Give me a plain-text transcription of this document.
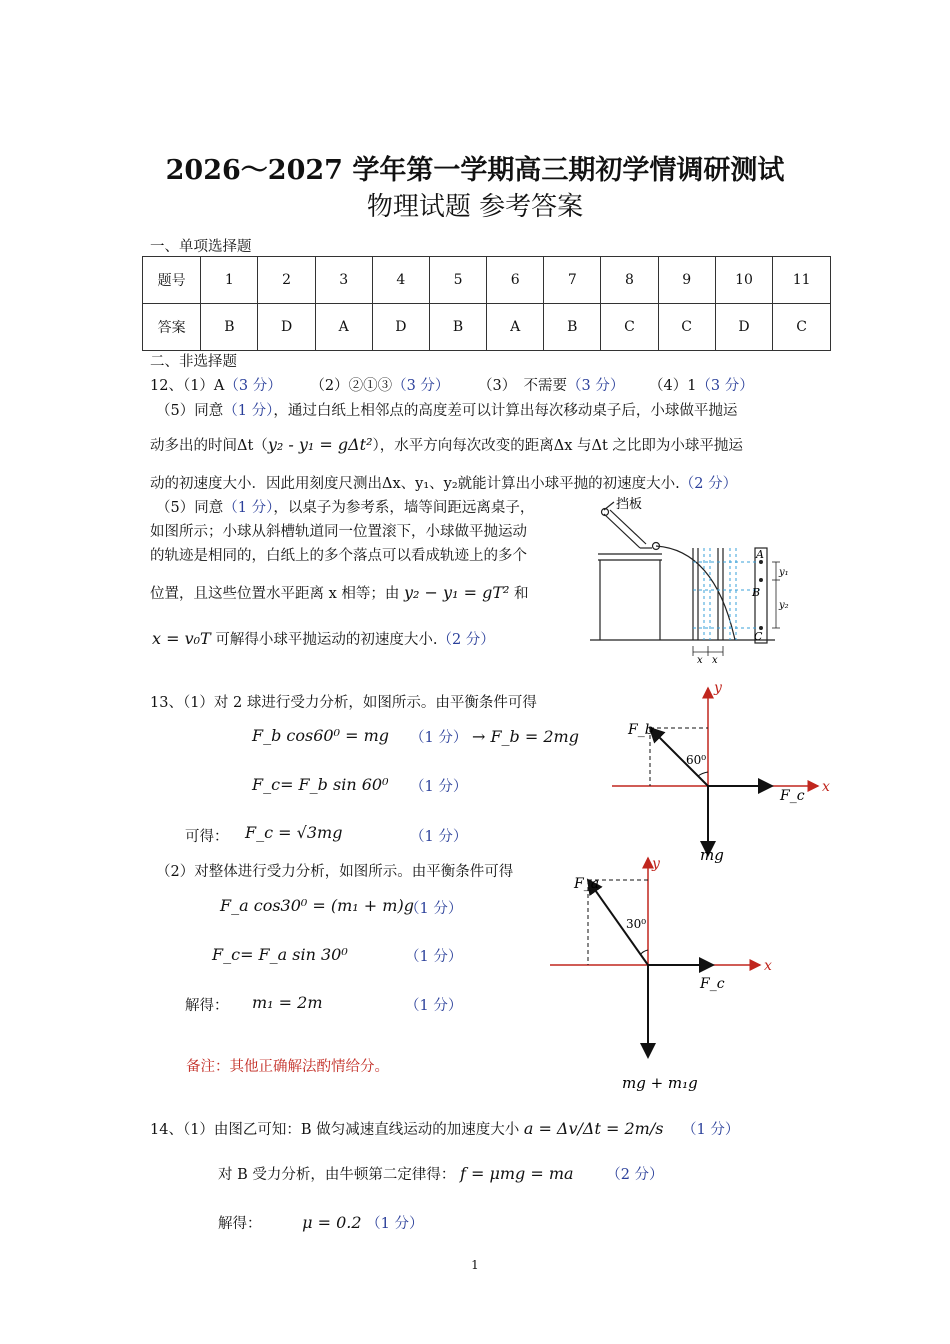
2026～2027 学年第一学期高三期初学情调研测试
物理试题 参考答案
一、单项选择题
题号	1	2	3	4	5	6	7	8	9	10	11
答案	B	D	A	D	B	A	B	C	C	D	C
二、非选择题
12、（1）A（3 分） （2）②①③（3 分） （3）　不需要（3 分） （4）1（3 分）
（5）同意（1 分），通过白纸上相邻点的高度差可以计算出每次移动桌子后，小球做平抛运
动多出的时间Δt（y₂ - y₁ = gΔt²），水平方向每次改变的距离Δx 与Δt 之比即为小球平抛运
动的初速度大小．因此用刻度尺测出Δx、y₁、y₂就能计算出小球平抛的初速度大小.（2 分）
（5）同意（1 分），以桌子为参考系，墙等间距远离桌子，
如图所示；小球从斜槽轨道同一位置滚下，小球做平抛运动
的轨迹是相同的，白纸上的多个落点可以看成轨迹上的多个
位置，且这些位置水平距离 x 相等；由 y₂ − y₁ = gT² 和
x = v₀T 可解得小球平抛运动的初速度大小.（2 分）
挡板
A
B
C
y₁
y₂
x x
13、（1）对 2 球进行受力分析，如图所示。由平衡条件可得
F_b cos60⁰ = mg （1 分） → F_b = 2mg
F_c= F_b sin 60⁰ （1 分）
可得： F_c = √3mg	（1 分）
（2）对整体进行受力分析，如图所示。由平衡条件可得
F_a cos30⁰ = (m₁ + m)g
（1 分）
F_c= F_a sin 30⁰	（1 分）
解得： m₁ = 2m	（1 分）
备注：其他正确解法酌情给分。
y
x
F_b
60⁰
F_c
mg
y
x
F_a
30⁰
F_c
mg + m₁g
14、（1）由图乙可知：B 做匀减速直线运动的加速度大小 a = Δv/Δt = 2m/s （1 分）
对 B 受力分析，由牛顿第二定律得： f = μmg = ma （2 分）
解得：	μ = 0.2 （1 分）
1
